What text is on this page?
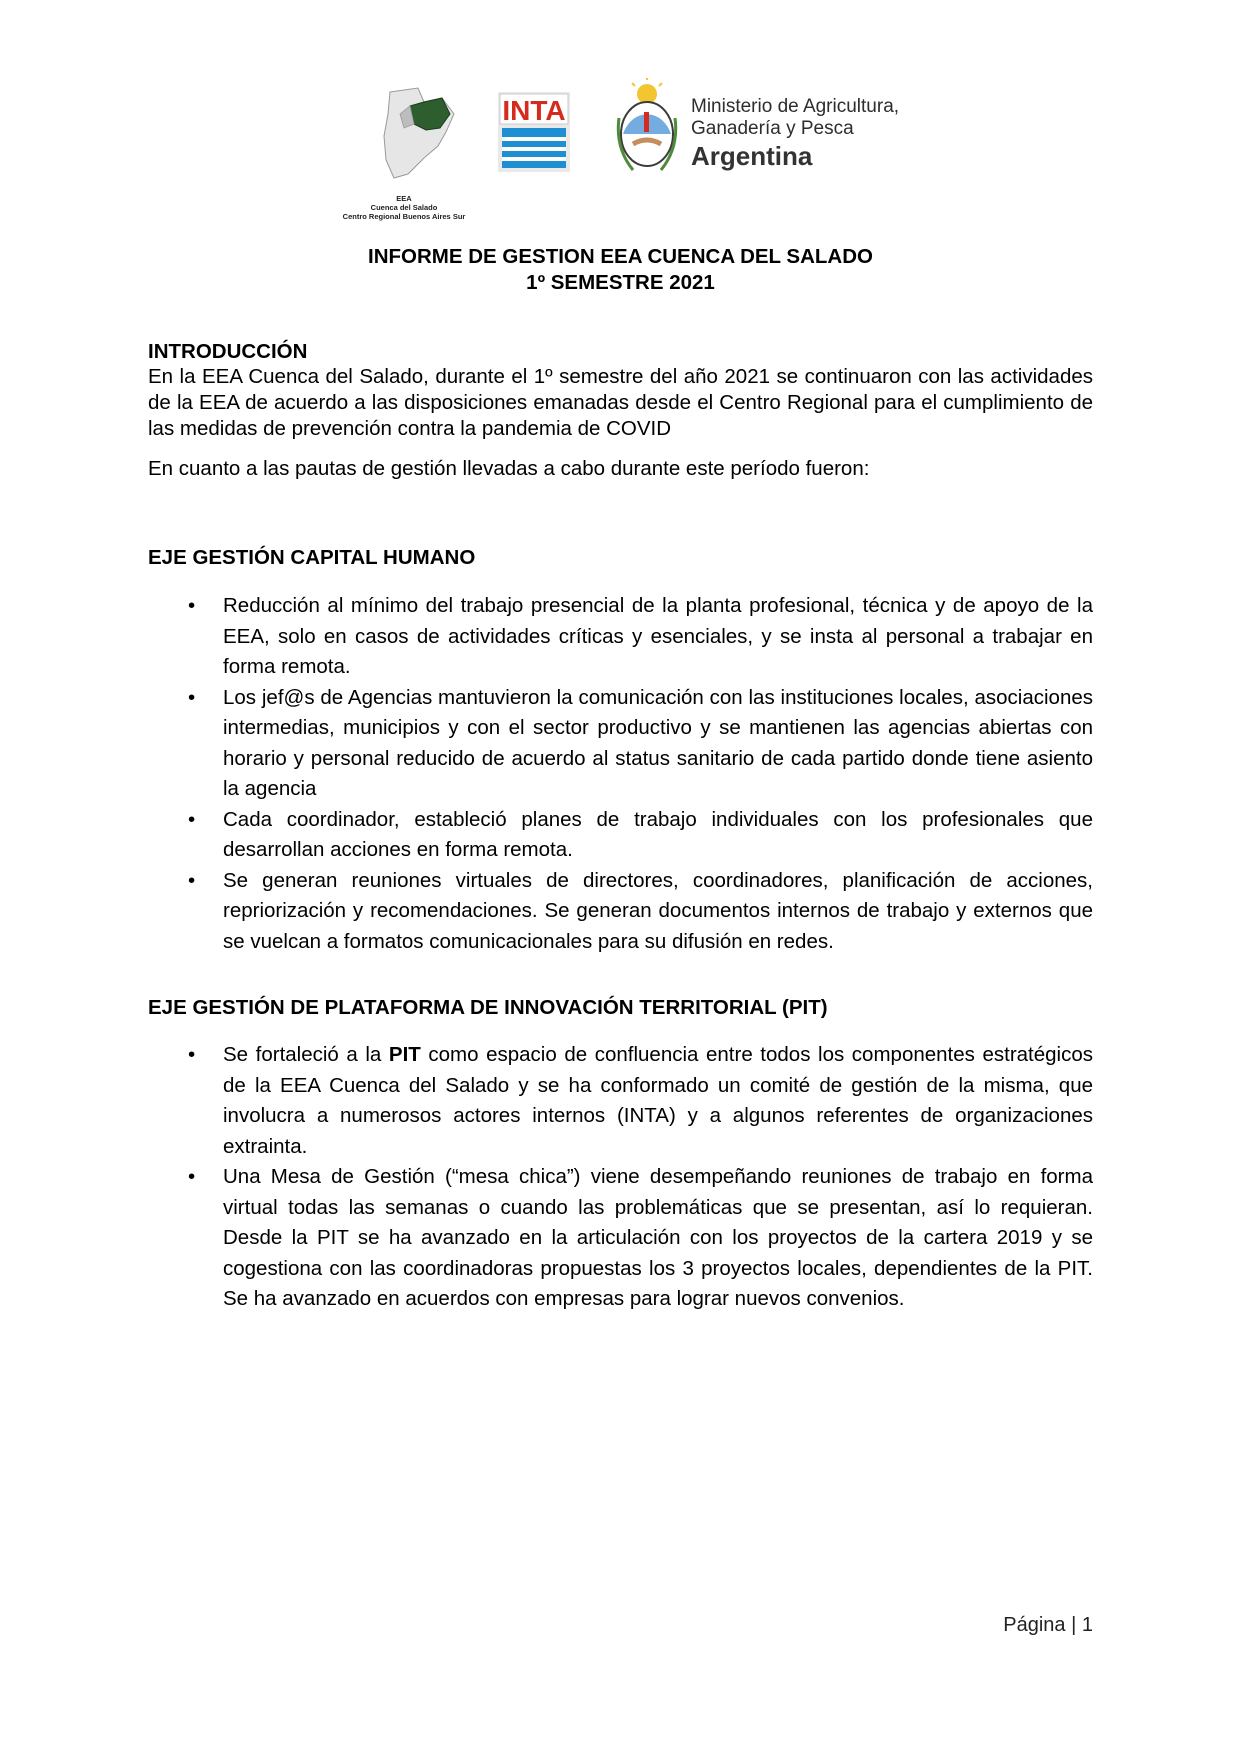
EEA
Cuenca del Salado
Centro Regional Buenos Aires Sur
INTA	Ministerio de Agricultura,
Ganadería y Pesca
Argentina
INFORME DE GESTION EEA CUENCA DEL SALADO
1º SEMESTRE 2021
INTRODUCCIÓN

En la EEA Cuenca del Salado, durante el 1º semestre del año 2021 se continuaron con las actividades de la EEA de acuerdo a las disposiciones emanadas desde el Centro Regional para el cumplimiento de las medidas de prevención contra la pandemia de COVID

En cuanto a las pautas de gestión llevadas a cabo durante este período fueron:

EJE GESTIÓN CAPITAL HUMANO
• Reducción al mínimo del trabajo presencial de la planta profesional, técnica y de apoyo de la EEA, solo en casos de actividades críticas y esenciales, y se insta al personal a trabajar en forma remota.
• Los jef@s de Agencias mantuvieron la comunicación con las instituciones locales, asociaciones intermedias, municipios y con el sector productivo y se mantienen las agencias abiertas con horario y personal reducido de acuerdo al status sanitario de cada partido donde tiene asiento la agencia
• Cada coordinador, estableció planes de trabajo individuales con los profesionales que desarrollan acciones en forma remota.
• Se generan reuniones virtuales de directores, coordinadores, planificación de acciones, repriorización y recomendaciones. Se generan documentos internos de trabajo y externos que se vuelcan a formatos comunicacionales para su difusión en redes.
EJE GESTIÓN DE PLATAFORMA DE INNOVACIÓN TERRITORIAL (PIT)
• Se fortaleció a la PIT como espacio de confluencia entre todos los componentes estratégicos de la EEA Cuenca del Salado y se ha conformado un comité de gestión de la misma, que involucra a numerosos actores internos (INTA) y a algunos referentes de organizaciones extrainta.
• Una Mesa de Gestión (“mesa chica”) viene desempeñando reuniones de trabajo en forma virtual todas las semanas o cuando las problemáticas que se presentan, así lo requieran. Desde la PIT se ha avanzado en la articulación con los proyectos de la cartera 2019 y se cogestiona con las coordinadoras propuestas los 3 proyectos locales, dependientes de la PIT. Se ha avanzado en acuerdos con empresas para lograr nuevos convenios.
Página | 1
